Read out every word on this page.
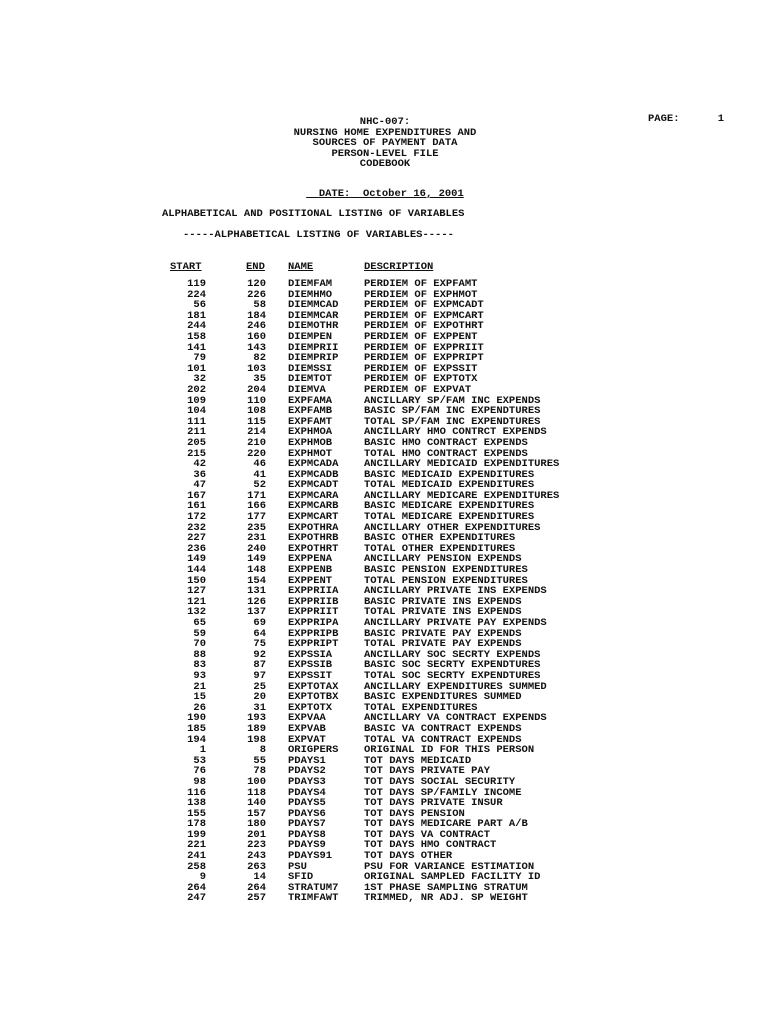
PAGE:	1
NHC-007:
NURSING HOME EXPENDITURES AND
SOURCES OF PAYMENT DATA
PERSON-LEVEL FILE
CODEBOOK

DATE: October 16, 2001

ALPHABETICAL AND POSITIONAL LISTING OF VARIABLES
-----ALPHABETICAL LISTING OF VARIABLES-----
START	END NAME	DESCRIPTION
119	120 DIEMFAM	PERDIEM OF EXPFAMT
224	226 DIEMHMO	PERDIEM OF EXPHMOT
56	58 DIEMMCAD PERDIEM OF EXPMCADT
181	184 DIEMMCAR PERDIEM OF EXPMCART
244	246 DIEMOTHR PERDIEM OF EXPOTHRT
158	160 DIEMPEN	PERDIEM OF EXPPENT
141	143 DIEMPRII PERDIEM OF EXPPRIIT
79	82 DIEMPRIP PERDIEM OF EXPPRIPT
101	103 DIEMSSI	PERDIEM OF EXPSSIT
32	35 DIEMTOT	PERDIEM OF EXPTOTX
202	204 DIEMVA	PERDIEM OF EXPVAT
109	110 EXPFAMA	ANCILLARY SP/FAM INC EXPENDS
104	108 EXPFAMB	BASIC SP/FAM INC EXPENDTURES
111	115 EXPFAMT	TOTAL SP/FAM INC EXPENDTURES
211	214 EXPHMOA	ANCILLARY HMO CONTRCT EXPENDS
205	210 EXPHMOB	BASIC HMO CONTRACT EXPENDS
215	220 EXPHMOT	TOTAL HMO CONTRACT EXPENDS
42	46 EXPMCADA ANCILLARY MEDICAID EXPENDITURES
36	41 EXPMCADB BASIC MEDICAID EXPENDITURES
47	52 EXPMCADT TOTAL MEDICAID EXPENDITURES
167	171 EXPMCARA ANCILLARY MEDICARE EXPENDITURES
161	166 EXPMCARB BASIC MEDICARE EXPENDITURES
172	177 EXPMCART TOTAL MEDICARE EXPENDITURES
232	235 EXPOTHRA ANCILLARY OTHER EXPENDITURES
227	231 EXPOTHRB BASIC OTHER EXPENDITURES
236	240 EXPOTHRT TOTAL OTHER EXPENDITURES
149	149 EXPPENA	ANCILLARY PENSION EXPENDS
144	148 EXPPENB	BASIC PENSION EXPENDITURES
150	154 EXPPENT	TOTAL PENSION EXPENDITURES
127	131 EXPPRIIA ANCILLARY PRIVATE INS EXPENDS
121	126 EXPPRIIB BASIC PRIVATE INS EXPENDS
132	137 EXPPRIIT TOTAL PRIVATE INS EXPENDS
65	69 EXPPRIPA ANCILLARY PRIVATE PAY EXPENDS
59	64 EXPPRIPB BASIC PRIVATE PAY EXPENDS
70	75 EXPPRIPT TOTAL PRIVATE PAY EXPENDS
88	92 EXPSSIA	ANCILLARY SOC SECRTY EXPENDS
83	87 EXPSSIB	BASIC SOC SECRTY EXPENDTURES
93	97 EXPSSIT	TOTAL SOC SECRTY EXPENDTURES
21	25 EXPTOTAX ANCILLARY EXPENDITURES SUMMED
15	20 EXPTOTBX BASIC EXPENDITURES SUMMED
26	31 EXPTOTX	TOTAL EXPENDITURES
190	193 EXPVAA	ANCILLARY VA CONTRACT EXPENDS
185	189 EXPVAB	BASIC VA CONTRACT EXPENDS
194	198 EXPVAT	TOTAL VA CONTRACT EXPENDS
1	8 ORIGPERS ORIGINAL ID FOR THIS PERSON
53	55 PDAYS1	TOT DAYS MEDICAID
76	78 PDAYS2	TOT DAYS PRIVATE PAY
98	100 PDAYS3	TOT DAYS SOCIAL SECURITY
116	118 PDAYS4	TOT DAYS SP/FAMILY INCOME
138	140 PDAYS5	TOT DAYS PRIVATE INSUR
155	157 PDAYS6	TOT DAYS PENSION
178	180 PDAYS7	TOT DAYS MEDICARE PART A/B
199	201 PDAYS8	TOT DAYS VA CONTRACT
221	223 PDAYS9	TOT DAYS HMO CONTRACT
241	243 PDAYS91	TOT DAYS OTHER
258	263 PSU	PSU FOR VARIANCE ESTIMATION
9	14 SFID	ORIGINAL SAMPLED FACILITY ID
264	264 STRATUM7 1ST PHASE SAMPLING STRATUM
247	257 TRIMFAWT TRIMMED, NR ADJ. SP WEIGHT
